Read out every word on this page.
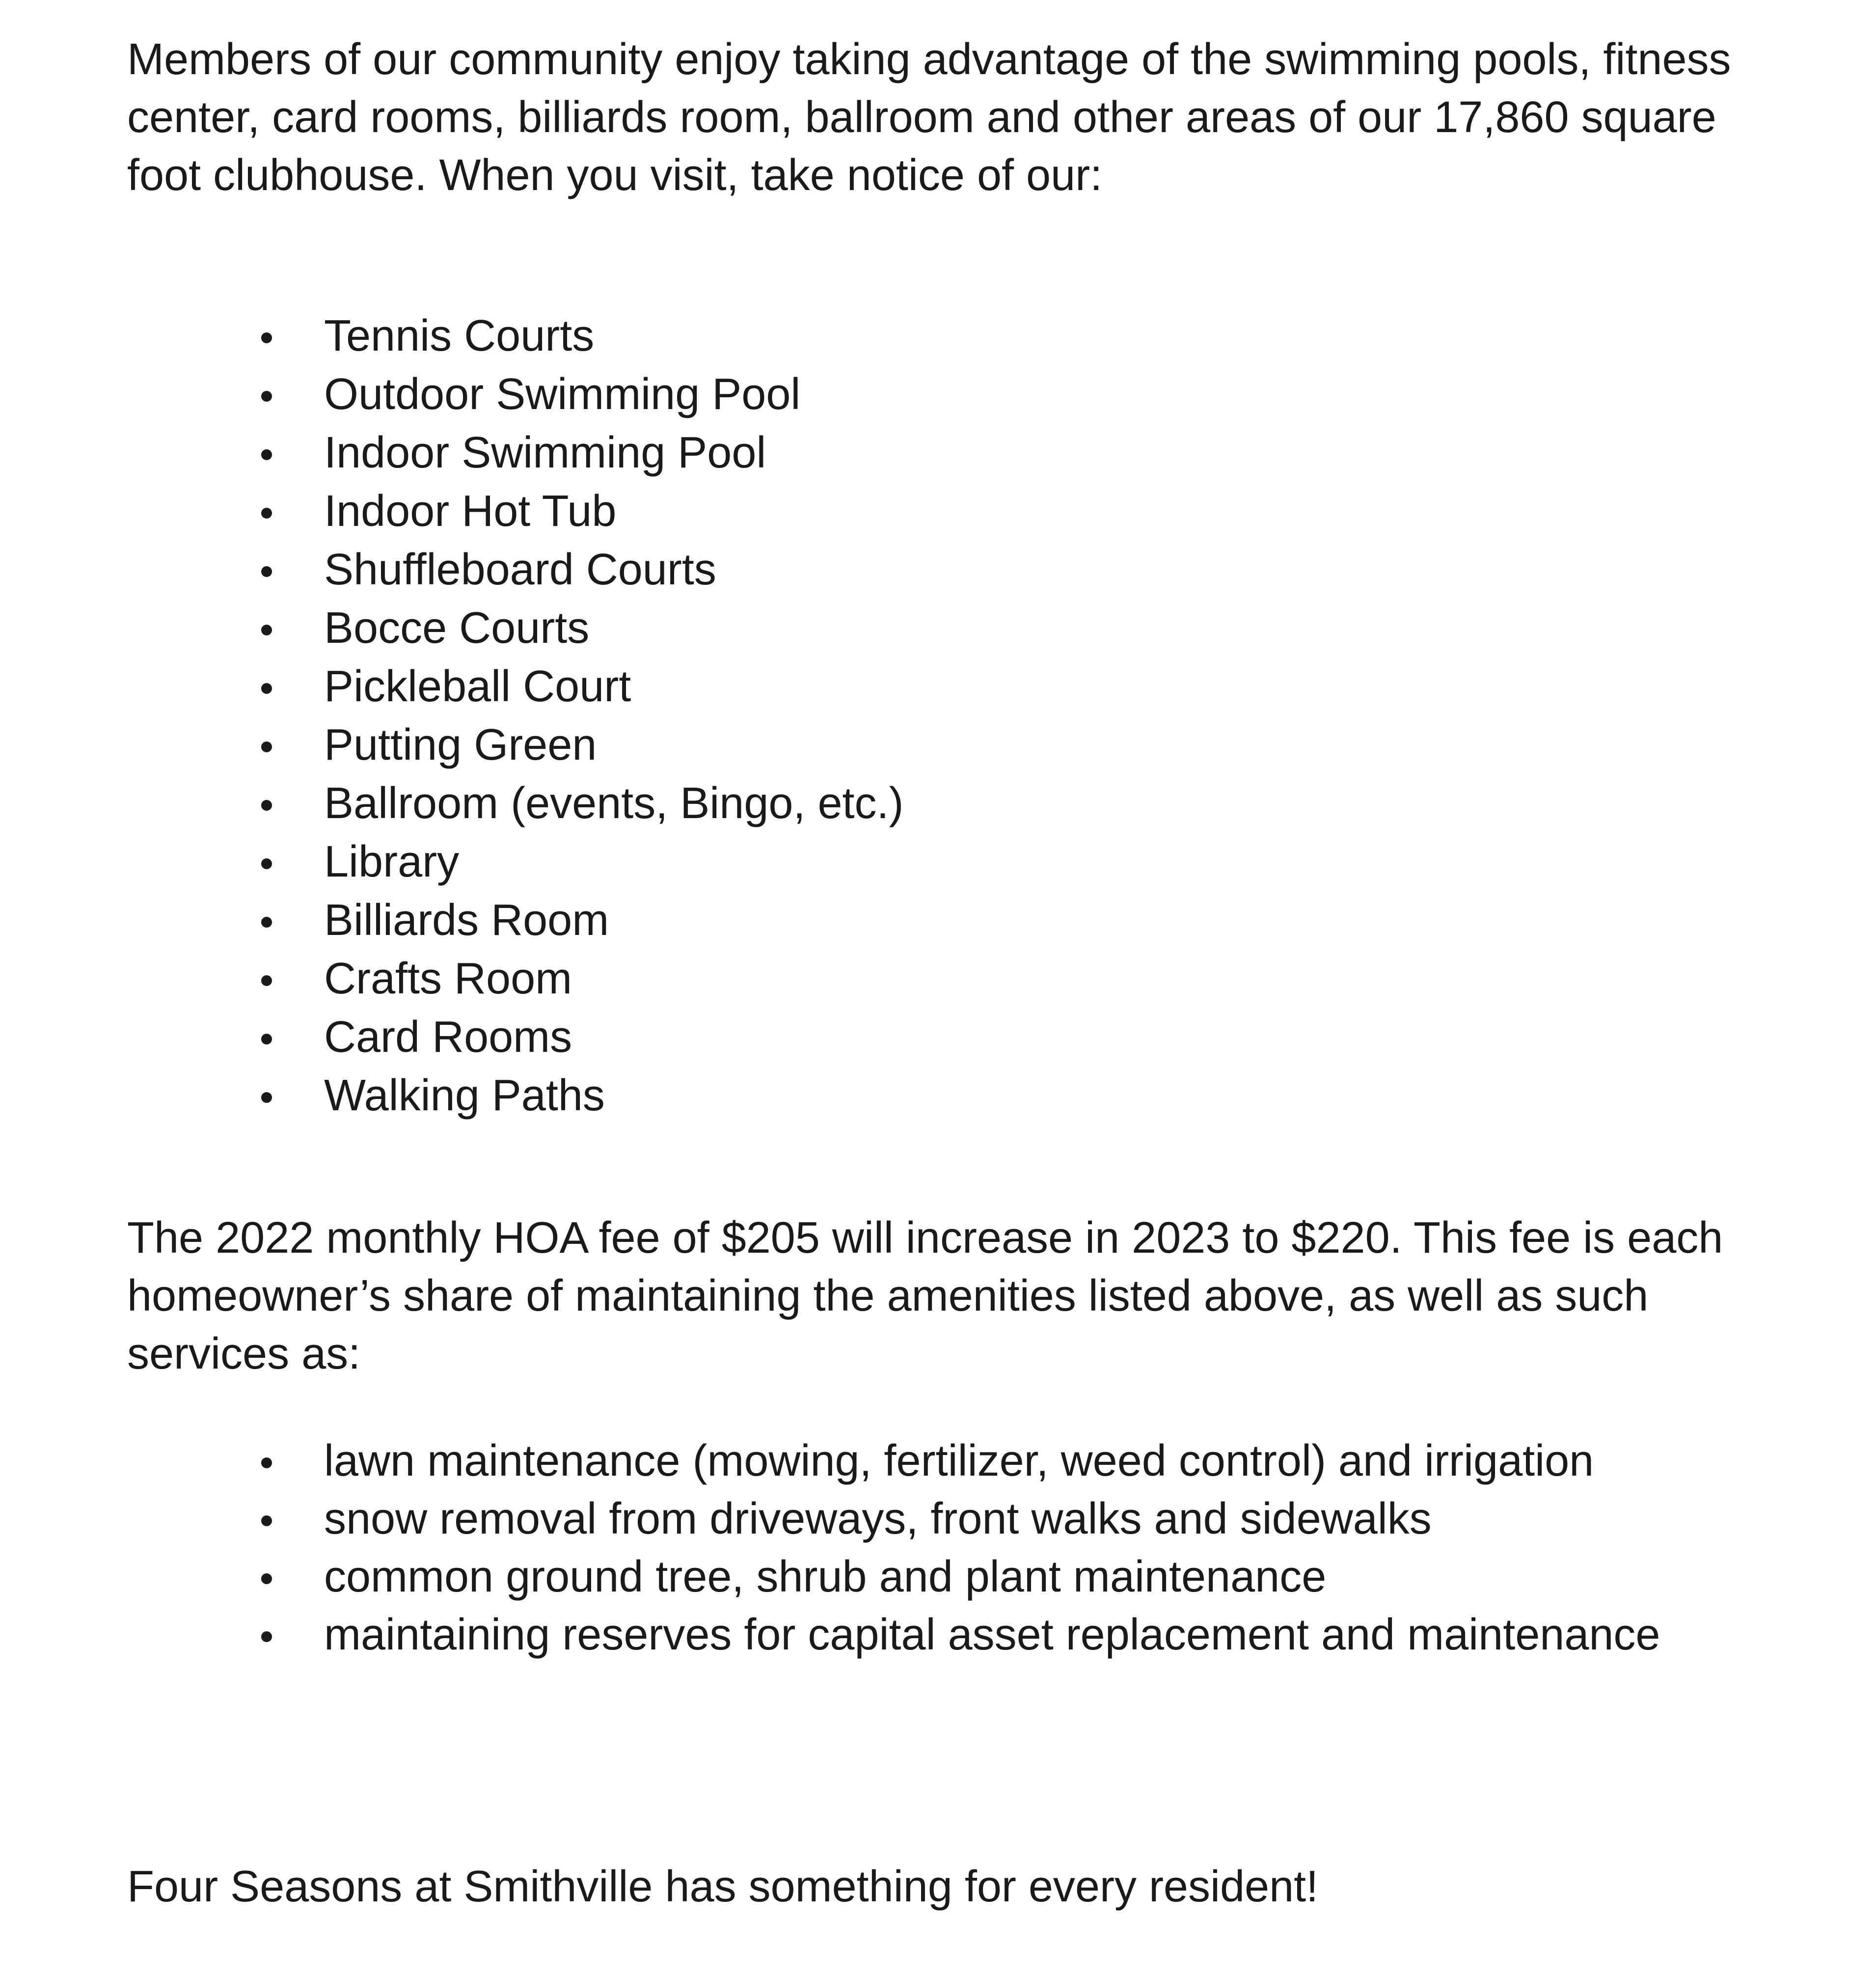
Members of our community enjoy taking advantage of the swimming pools, fitness center, card rooms, billiards room, ballroom and other areas of our 17,860 square foot clubhouse. When you visit, take notice of our:

Tennis Courts
Outdoor Swimming Pool
Indoor Swimming Pool
Indoor Hot Tub
Shuffleboard Courts
Bocce Courts
Pickleball Court
Putting Green
Ballroom (events, Bingo, etc.)
Library
Billiards Room
Crafts Room
Card Rooms
Walking Paths

The 2022 monthly HOA fee of $205 will increase in 2023 to $220. This fee is each homeowner’s share of maintaining the amenities listed above, as well as such services as:

lawn maintenance (mowing, fertilizer, weed control) and irrigation
snow removal from driveways, front walks and sidewalks
common ground tree, shrub and plant maintenance
maintaining reserves for capital asset replacement and maintenance

Four Seasons at Smithville has something for every resident!
